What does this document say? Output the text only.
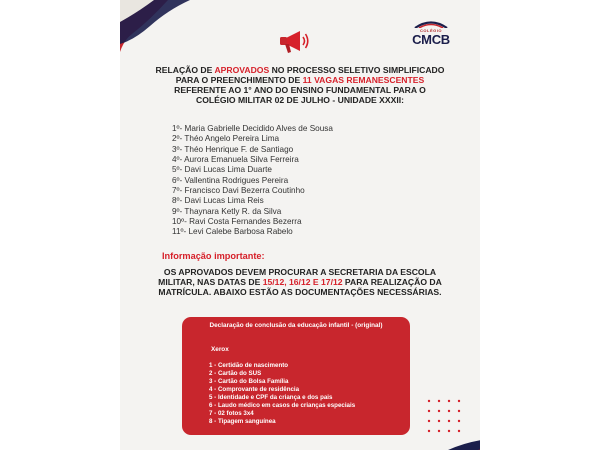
COLÉGIO
CMCB
RELAÇÃO DE APROVADOS NO PROCESSO SELETIVO SIMPLIFICADO PARA O PREENCHIMENTO DE 11 VAGAS REMANESCENTES REFERENTE AO 1° ANO DO ENSINO FUNDAMENTAL PARA O COLÉGIO MILITAR 02 DE JULHO - UNIDADE XXXII:
1º- Maria Gabrielle Decidido Alves de Sousa
2º- Théo Angelo Pereira Lima
3º- Théo Henrique F. de Santiago
4º- Aurora Emanuela Silva Ferreira
5º- Davi Lucas Lima Duarte
6º- Vallentina Rodrigues Pereira
7º- Francisco Davi Bezerra Coutinho
8º- Davi Lucas Lima Reis
9º- Thaynara Ketly R. da Silva
10º- Ravi Costa Fernandes Bezerra
11º- Levi Calebe Barbosa Rabelo
Informação importante:
OS APROVADOS DEVEM PROCURAR A SECRETARIA DA ESCOLA MILITAR, NAS DATAS DE 15/12, 16/12 E 17/12 PARA REALIZAÇÃO DA MATRÍCULA. ABAIXO ESTÃO AS DOCUMENTAÇÕES NECESSÁRIAS.
Declaração de conclusão da educação infantil - (original)
Xerox
1 - Certidão de nascimento
2 - Cartão do SUS
3 - Cartão do Bolsa Família
4 - Comprovante de residência
5 - Identidade e CPF da criança e dos pais
6 - Laudo médico em casos de crianças especiais
7 - 02 fotos 3x4
8 - Tipagem sanguínea
